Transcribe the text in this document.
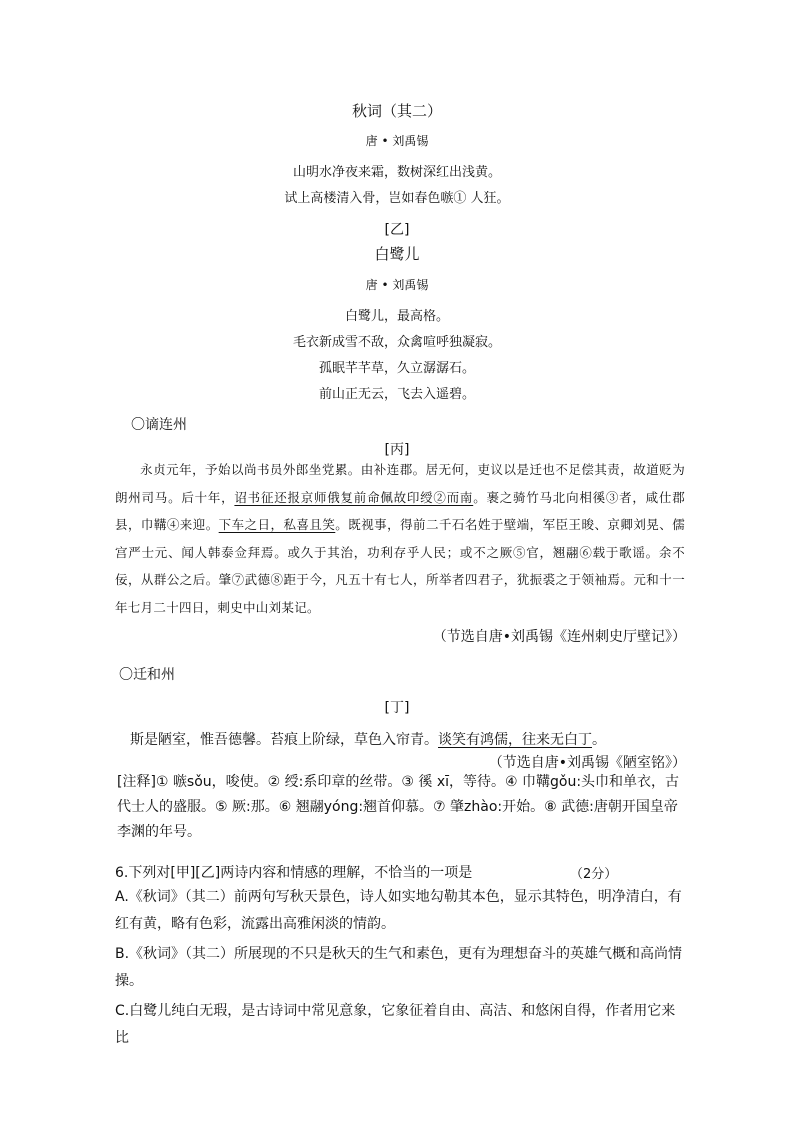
秋词（其二）
唐 • 刘禹锡
山明水净夜来霜，数树深红出浅黄。
试上高楼清入骨，岂如春色嗾① 人狂。
[乙]
白鹭儿
唐 • 刘禹锡
白鹭儿，最高格。
毛衣新成雪不敌，众禽喧呼独凝寂。
孤眠芊芊草，久立潺潺石。
前山正无云，飞去入遥碧。
〇谪连州
[丙]
永贞元年，予始以尚书员外郎坐党累。由补连郡。居无何，吏议以是迁也不足偿其责，故道贬为朗州司马。后十年，诏书征还报京师俄复前命佩故印绶②而南。裹之骑竹马北向相徯③者，咸仕郡县，巾鞲④来迎。下车之日，私喜且笑。既视事，得前二千石名姓于壁端，军臣王晙、京卿刘晃、儒宫严士元、闻人韩泰佥拜焉。或久于其治，功利存乎人民；或不之厥⑤官，翘翮⑥载于歌谣。余不佞，从群公之后。肇⑦武德⑧距于今，凡五十有七人，所举者四君子，犹振裘之于领袖焉。元和十一年七月二十四日，刺史中山刘某记。
（节选自唐•刘禹锡《连州刺史厅壁记》）
〇迁和州
[丁]
斯是陋室，惟吾德馨。苔痕上阶绿，草色入帘青。谈笑有鸿儒，往来无白丁。
（节选自唐•刘禹锡《陋室铭》）
[注释]① 嗾sǒu，唆使。② 绶:系印章的丝带。③ 徯 xī，等待。④ 巾鞲gǒu:头巾和单衣，古代士人的盛服。⑤ 厥:那。⑥ 翘翮yóng:翘首仰慕。⑦ 肇zhào:开始。⑧ 武德:唐朝开国皇帝李渊的年号。
6.下列对[甲][乙]两诗内容和情感的理解，不恰当的一项是	（2分）
A.《秋词》（其二）前两句写秋天景色，诗人如实地勾勒其本色，显示其特色，明净清白，有红有黄，略有色彩，流露出高雅闲淡的情韵。
B.《秋词》（其二）所展现的不只是秋天的生气和素色，更有为理想奋斗的英雄气概和高尚情操。
C.白鹭儿纯白无瑕，是古诗词中常见意象，它象征着自由、高洁、和悠闲自得，作者用它来比
